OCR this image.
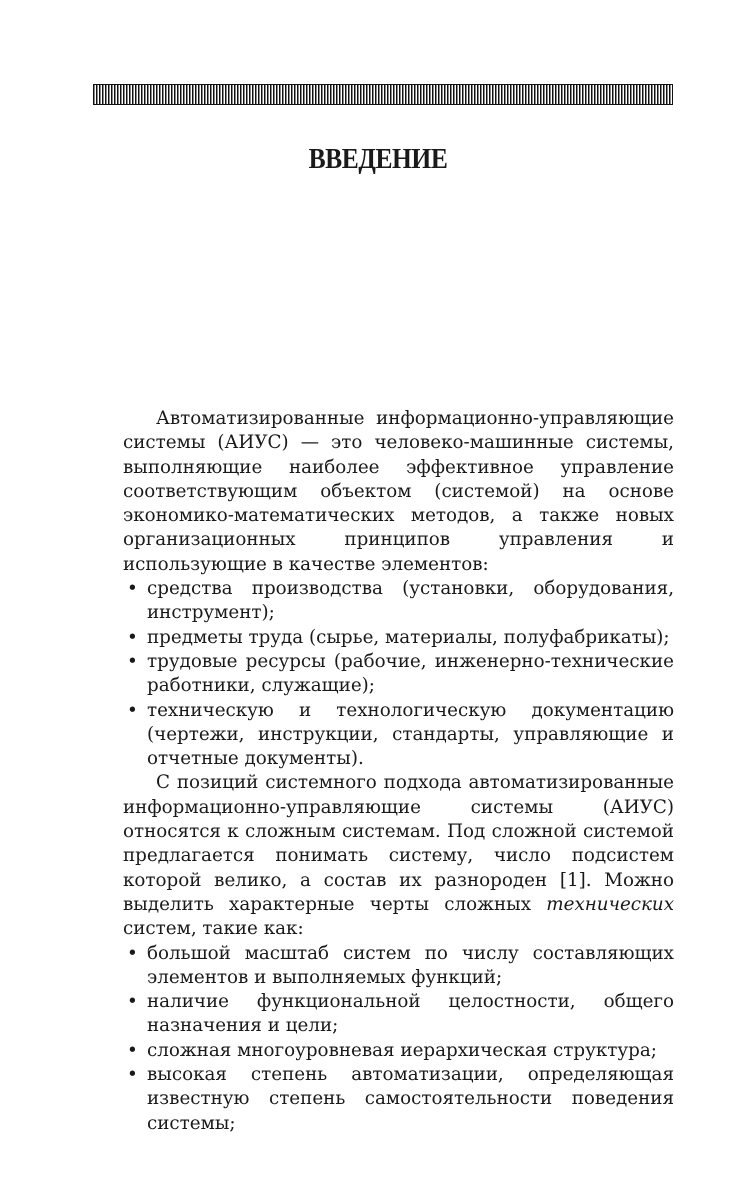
ВВЕДЕНИЕ

Автоматизированные информационно-управляющие системы (АИУС) — это человеко-машинные системы, выполняющие наиболее эффективное управление соответствующим объектом (системой) на основе экономико-математических методов, а также новых организационных принципов управления и использующие в качестве элементов:

• средства производства (установки, оборудования, инструмент);
• предметы труда (сырье, материалы, полуфабрикаты);
• трудовые ресурсы (рабочие, инженерно-технические работники, служащие);
• техническую и технологическую документацию (чертежи, инструкции, стандарты, управляющие и отчетные документы).

С позиций системного подхода автоматизированные информационно-управляющие системы (АИУС) относятся к сложным системам. Под сложной системой предлагается понимать систему, число подсистем которой велико, а состав их разнороден [1]. Можно выделить характерные черты сложных технических систем, такие как:

• большой масштаб систем по числу составляющих элементов и выполняемых функций;
• наличие функциональной целостности, общего назначения и цели;
• сложная многоуровневая иерархическая структура;
• высокая степень автоматизации, определяющая известную степень самостоятельности поведения системы;
